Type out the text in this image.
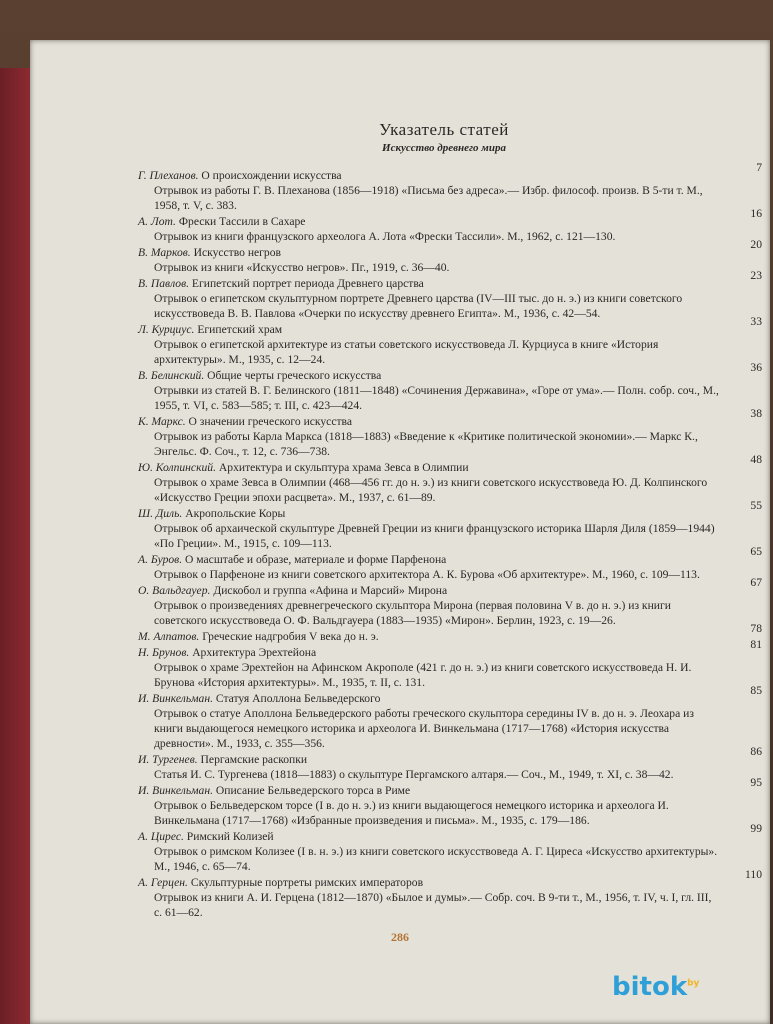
Указатель статей
Искусство древнего мира
Г. Плеханов. О происхождении искусства
Отрывок из работы Г. В. Плеханова (1856—1918) «Письма без адреса».— Избр. философ. произв. В 5-ти т. М., 1958, т. V, с. 383.
7
А. Лот. Фрески Тассили в Сахаре
Отрывок из книги французского археолога А. Лота «Фрески Тассили». М., 1962, с. 121—130.
16
В. Марков. Искусство негров
Отрывок из книги «Искусство негров». Пг., 1919, с. 36—40.
20
В. Павлов. Египетский портрет периода Древнего царства
Отрывок о египетском скульптурном портрете Древнего царства (IV—III тыс. до н. э.) из книги советского искусствоведа В. В. Павлова «Очерки по искусству древнего Египта». М., 1936, с. 42—54.
23
Л. Курциус. Египетский храм
Отрывок о египетской архитектуре из статьи советского искусствоведа Л. Курциуса в книге «История архитектуры». М., 1935, с. 12—24.
33
В. Белинский. Общие черты греческого искусства
Отрывки из статей В. Г. Белинского (1811—1848) «Сочинения Державина», «Горе от ума».— Полн. собр. соч., М., 1955, т. VI, с. 583—585; т. III, с. 423—424.
36
К. Маркс. О значении греческого искусства
Отрывок из работы Карла Маркса (1818—1883) «Введение к «Критике политической экономии».— Маркс К., Энгельс. Ф. Соч., т. 12, с. 736—738.
38
Ю. Колпинский. Архитектура и скульптура храма Зевса в Олимпии
Отрывок о храме Зевса в Олимпии (468—456 гг. до н. э.) из книги советского искусствоведа Ю. Д. Колпинского «Искусство Греции эпохи расцвета». М., 1937, с. 61—89.
48
Ш. Диль. Акропольские Коры
Отрывок об архаической скульптуре Древней Греции из книги французского историка Шарля Диля (1859—1944) «По Греции». М., 1915, с. 109—113.
55
А. Буров. О масштабе и образе, материале и форме Парфенона
Отрывок о Парфеноне из книги советского архитектора А. К. Бурова «Об архитектуре». М., 1960, с. 109—113.
65
О. Вальдгауер. Дискобол и группа «Афина и Марсий» Мирона
Отрывок о произведениях древнегреческого скульптора Мирона (первая половина V в. до н. э.) из книги советского искусствоведа О. Ф. Вальдгауера (1883—1935) «Мирон». Берлин, 1923, с. 19—26.
67
М. Алпатов. Греческие надгробия V века до н. э.
78
Н. Брунов. Архитектура Эрехтейона
Отрывок о храме Эрехтейон на Афинском Акрополе (421 г. до н. э.) из книги советского искусствоведа Н. И. Брунова «История архитектуры». М., 1935, т. II, с. 131.
81
И. Винкельман. Статуя Аполлона Бельведерского
Отрывок о статуе Аполлона Бельведерского работы греческого скульптора середины IV в. до н. э. Леохара из книги выдающегося немецкого историка и археолога И. Винкельмана (1717—1768) «История искусства древности». М., 1933, с. 355—356.
85
И. Тургенев. Пергамские раскопки
Статья И. С. Тургенева (1818—1883) о скульптуре Пергамского алтаря.— Соч., М., 1949, т. XI, с. 38—42.
86
И. Винкельман. Описание Бельведерского торса в Риме
Отрывок о Бельведерском торсе (I в. до н. э.) из книги выдающегося немецкого историка и археолога И. Винкельмана (1717—1768) «Избранные произведения и письма». М., 1935, с. 179—186.
95
А. Цирес. Римский Колизей
Отрывок о римском Колизее (I в. н. э.) из книги советского искусствоведа А. Г. Циреса «Искусство архитектуры». М., 1946, с. 65—74.
99
А. Герцен. Скульптурные портреты римских императоров
Отрывок из книги А. И. Герцена (1812—1870) «Былое и думы».— Собр. соч. В 9-ти т., М., 1956, т. IV, ч. I, гл. III, с. 61—62.
110
286
bitok$^{by}$
